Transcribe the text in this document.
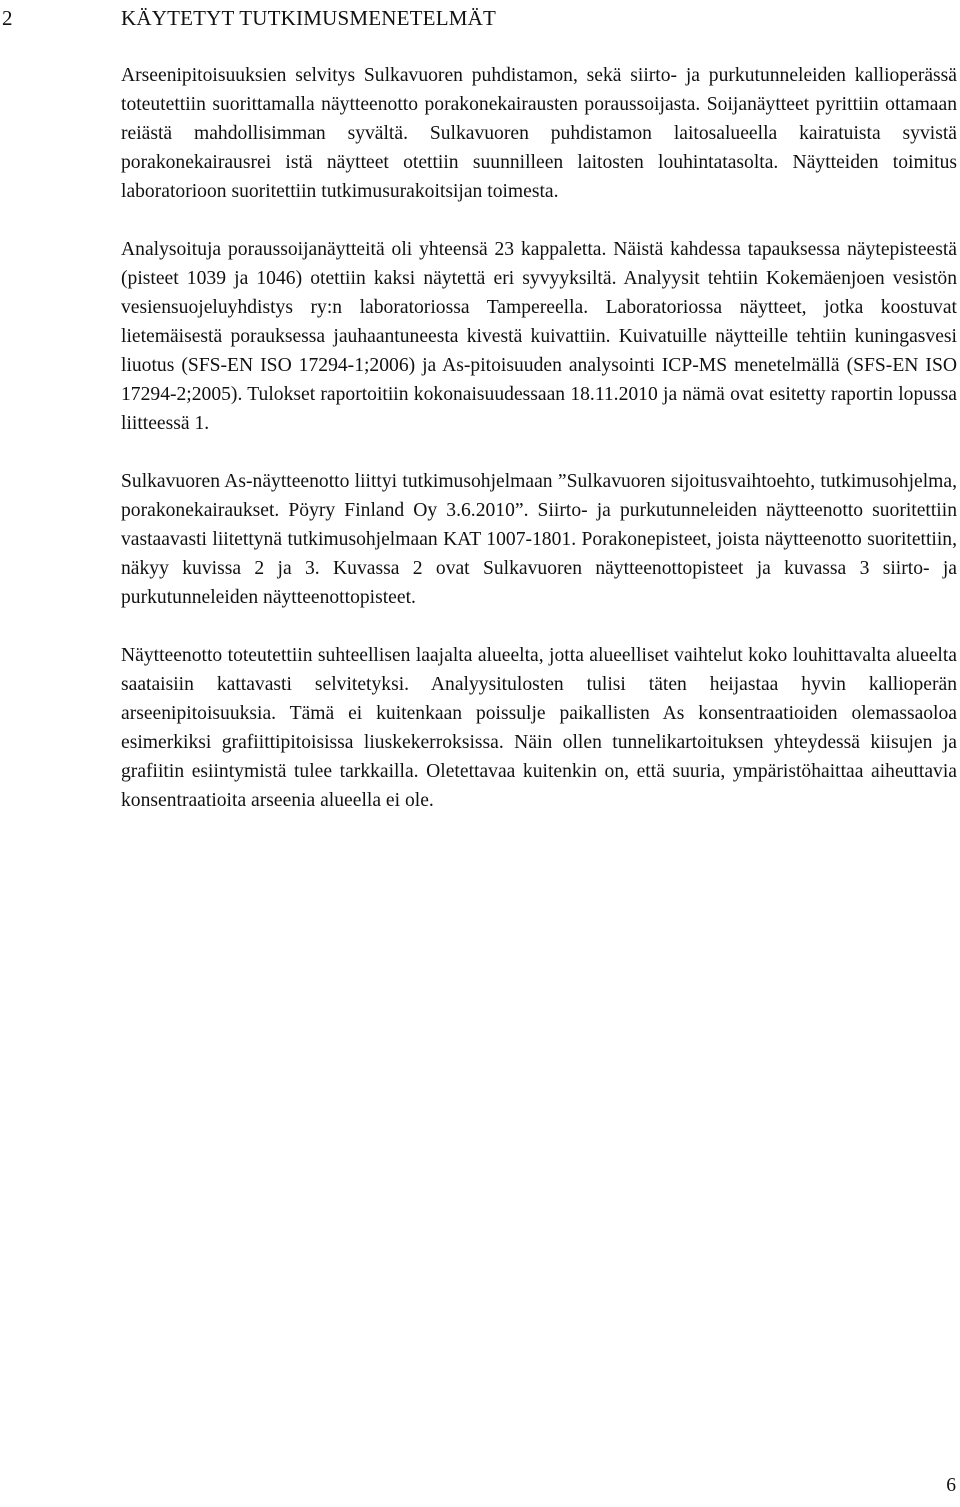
2	KÄYTETYT TUTKIMUSMENETELMÄT

Arseenipitoisuuksien selvitys Sulkavuoren puhdistamon, sekä siirto- ja purkutunneleiden kallioperässä toteutettiin suorittamalla näytteenotto porakonekairausten poraussoijasta. Soijanäytteet pyrittiin ottamaan reiästä mahdollisimman syvältä. Sulkavuoren puhdistamon laitosalueella kairatuista syvistä porakonekairausrei istä näytteet otettiin suunnilleen laitosten louhintatasolta. Näytteiden toimitus laboratorioon suoritettiin tutkimusurakoitsijan toimesta.

Analysoituja poraussoijanäytteitä oli yhteensä 23 kappaletta. Näistä kahdessa tapauksessa näytepisteestä (pisteet 1039 ja 1046) otettiin kaksi näytettä eri syvyyksiltä. Analyysit tehtiin Kokemäenjoen vesistön vesiensuojeluyhdistys ry:n laboratoriossa Tampereella. Laboratoriossa näytteet, jotka koostuvat lietemäisestä porauksessa jauhaantuneesta kivestä kuivattiin. Kuivatuille näytteille tehtiin kuningasvesi liuotus (SFS-EN ISO 17294-1;2006) ja As-pitoisuuden analysointi ICP-MS menetelmällä (SFS-EN ISO 17294-2;2005). Tulokset raportoitiin kokonaisuudessaan 18.11.2010 ja nämä ovat esitetty raportin lopussa liitteessä 1.

Sulkavuoren As-näytteenotto liittyi tutkimusohjelmaan ”Sulkavuoren sijoitusvaihtoehto, tutkimusohjelma, porakonekairaukset. Pöyry Finland Oy 3.6.2010”. Siirto- ja purkutunneleiden näytteenotto suoritettiin vastaavasti liitettynä tutkimusohjelmaan KAT 1007-1801. Porakonepisteet, joista näytteenotto suoritettiin, näkyy kuvissa 2 ja 3. Kuvassa 2 ovat Sulkavuoren näytteenottopisteet ja kuvassa 3 siirto- ja purkutunneleiden näytteenottopisteet.

Näytteenotto toteutettiin suhteellisen laajalta alueelta, jotta alueelliset vaihtelut koko louhittavalta alueelta saataisiin kattavasti selvitetyksi. Analyysitulosten tulisi täten heijastaa hyvin kallioperän arseenipitoisuuksia. Tämä ei kuitenkaan poissulje paikallisten As konsentraatioiden olemassaoloa esimerkiksi grafiittipitoisissa liuskekerroksissa. Näin ollen tunnelikartoituksen yhteydessä kiisujen ja grafiitin esiintymistä tulee tarkkailla. Oletettavaa kuitenkin on, että suuria, ympäristöhaittaa aiheuttavia konsentraatioita arseenia alueella ei ole.

6
